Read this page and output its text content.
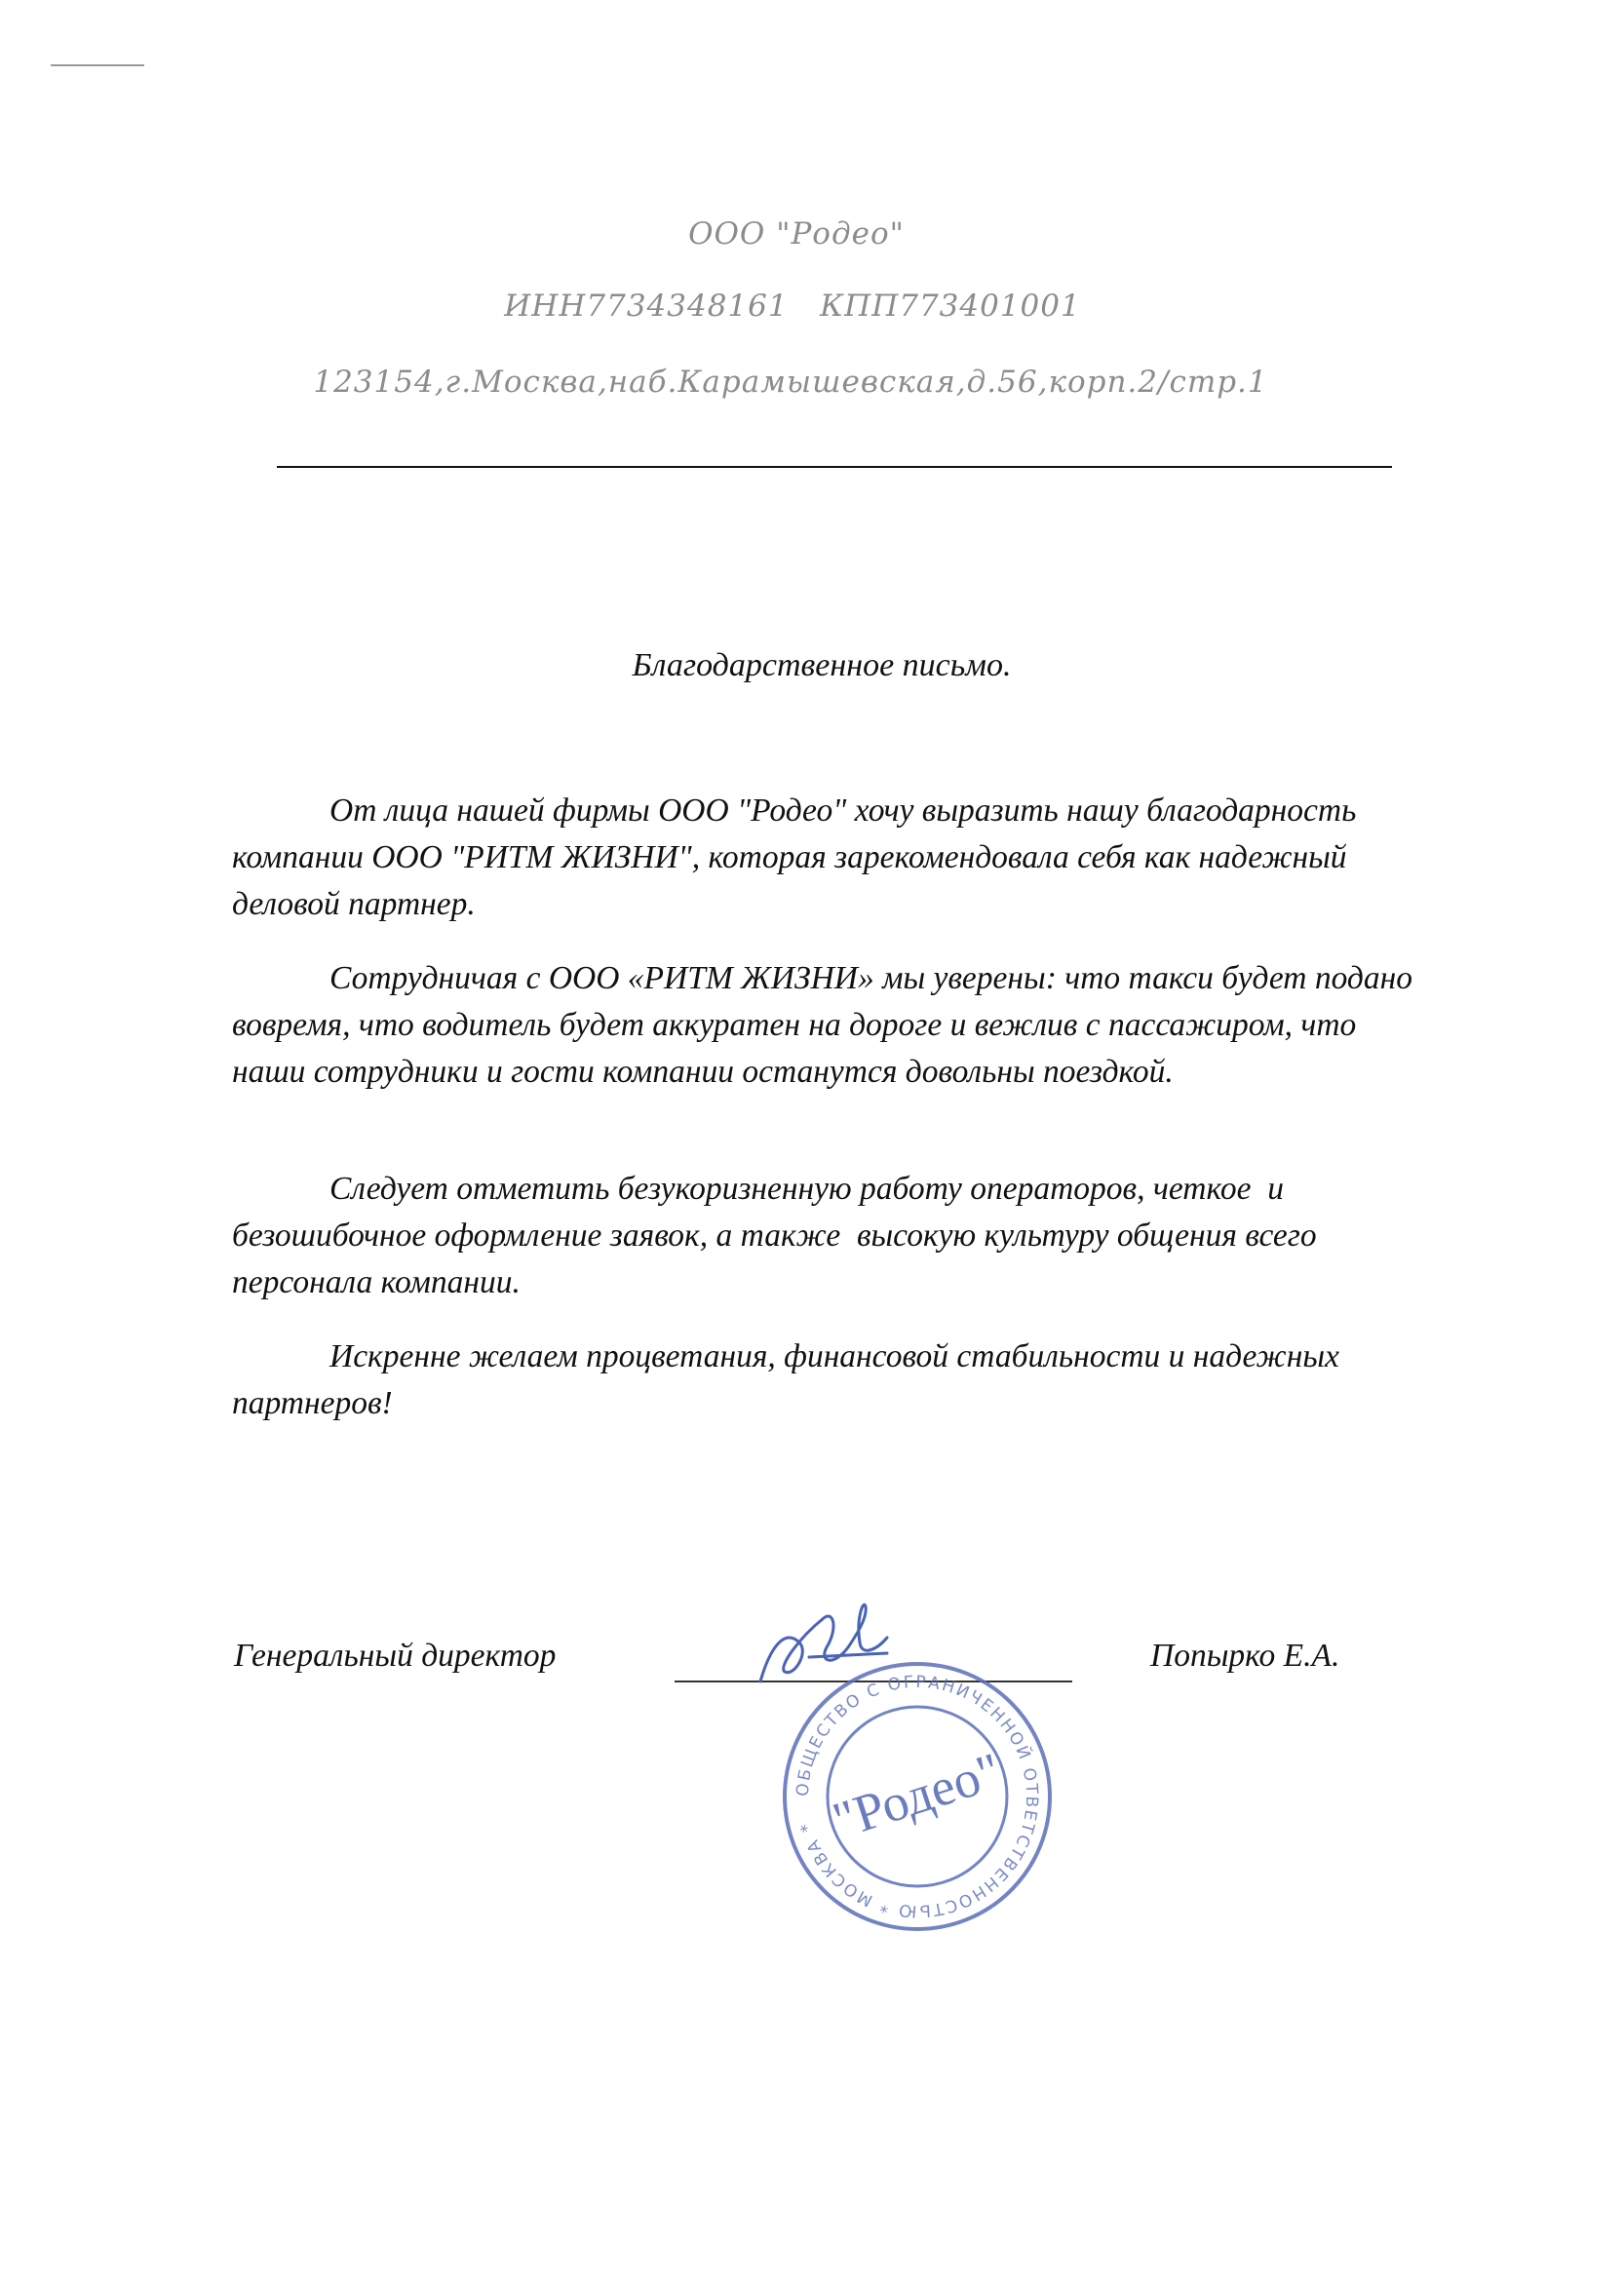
ООО "Родео"
ИНН7734348161   КПП773401001
123154,г.Москва,наб.Карамышевская,д.56,корп.2/стр.1
Благодарственное письмо.

От лица нашей фирмы ООО "Родео" хочу выразить нашу благодарность компании ООО "РИТМ ЖИЗНИ", которая зарекомендовала себя как надежный деловой партнер.

Сотрудничая с ООО «РИТМ ЖИЗНИ» мы уверены: что такси будет подано вовремя, что водитель будет аккуратен на дороге и вежлив с пассажиром, что наши сотрудники и гости компании останутся довольны поездкой.

Следует отметить безукоризненную работу операторов, четкое  и безошибочное оформление заявок, а также  высокую культуру общения всего персонала компании.

Искренне желаем процветания, финансовой стабильности и надежных партнеров!

Генеральный директор	Попырко Е.А.
ОБЩЕСТВО С ОГРАНИЧЕННОЙ ОТВЕТСТВЕННОСТЬЮ * МОСКВА * "Родео"
